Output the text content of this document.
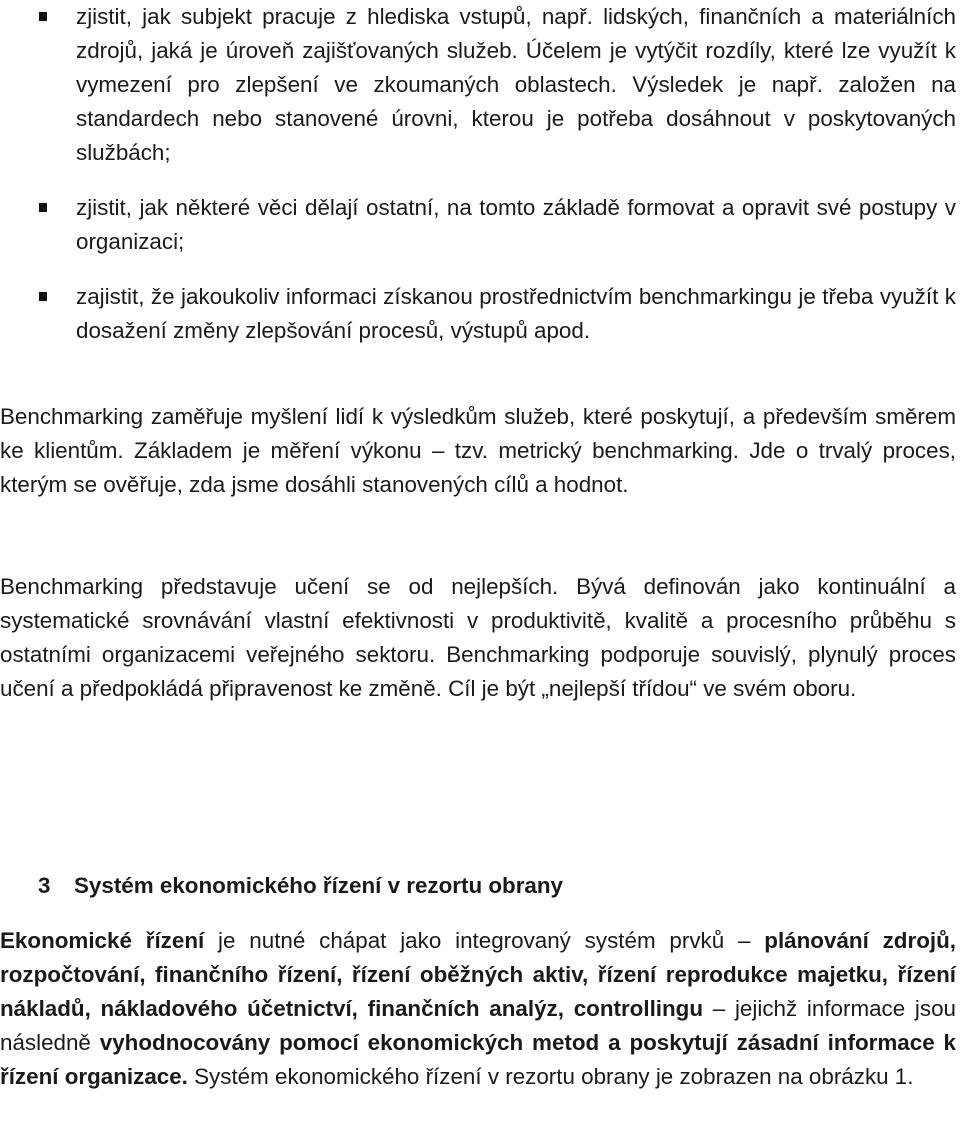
zjistit, jak subjekt pracuje z hlediska vstupů, např. lidských, finančních a materiálních zdrojů, jaká je úroveň zajišťovaných služeb. Účelem je vytýčit rozdíly, které lze využít k vymezení pro zlepšení ve zkoumaných oblastech. Výsledek je např. založen na standardech nebo stanovené úrovni, kterou je potřeba dosáhnout v poskytovaných službách;
zjistit, jak některé věci dělají ostatní, na tomto základě formovat a opravit své postupy v organizaci;
zajistit, že jakoukoliv informaci získanou prostřednictvím benchmarkingu je třeba využít k dosažení změny zlepšování procesů, výstupů apod.

Benchmarking zaměřuje myšlení lidí k výsledkům služeb, které poskytují, a především směrem ke klientům. Základem je měření výkonu – tzv. metrický benchmarking. Jde o trvalý proces, kterým se ověřuje, zda jsme dosáhli stanovených cílů a hodnot.

Benchmarking představuje učení se od nejlepších. Bývá definován jako kontinuální a systematické srovnávání vlastní efektivnosti v produktivitě, kvalitě a procesního průběhu s ostatními organizacemi veřejného sektoru. Benchmarking podporuje souvislý, plynulý proces učení a předpokládá připravenost ke změně. Cíl je být „nejlepší třídou“ ve svém oboru.

3 Systém ekonomického řízení v rezortu obrany

Ekonomické řízení je nutné chápat jako integrovaný systém prvků – plánování zdrojů, rozpočtování, finančního řízení, řízení oběžných aktiv, řízení reprodukce majetku, řízení nákladů, nákladového účetnictví, finančních analýz, controllingu – jejichž informace jsou následně vyhodnocovány pomocí ekonomických metod a poskytují zásadní informace k řízení organizace. Systém ekonomického řízení v rezortu obrany je zobrazen na obrázku 1.
